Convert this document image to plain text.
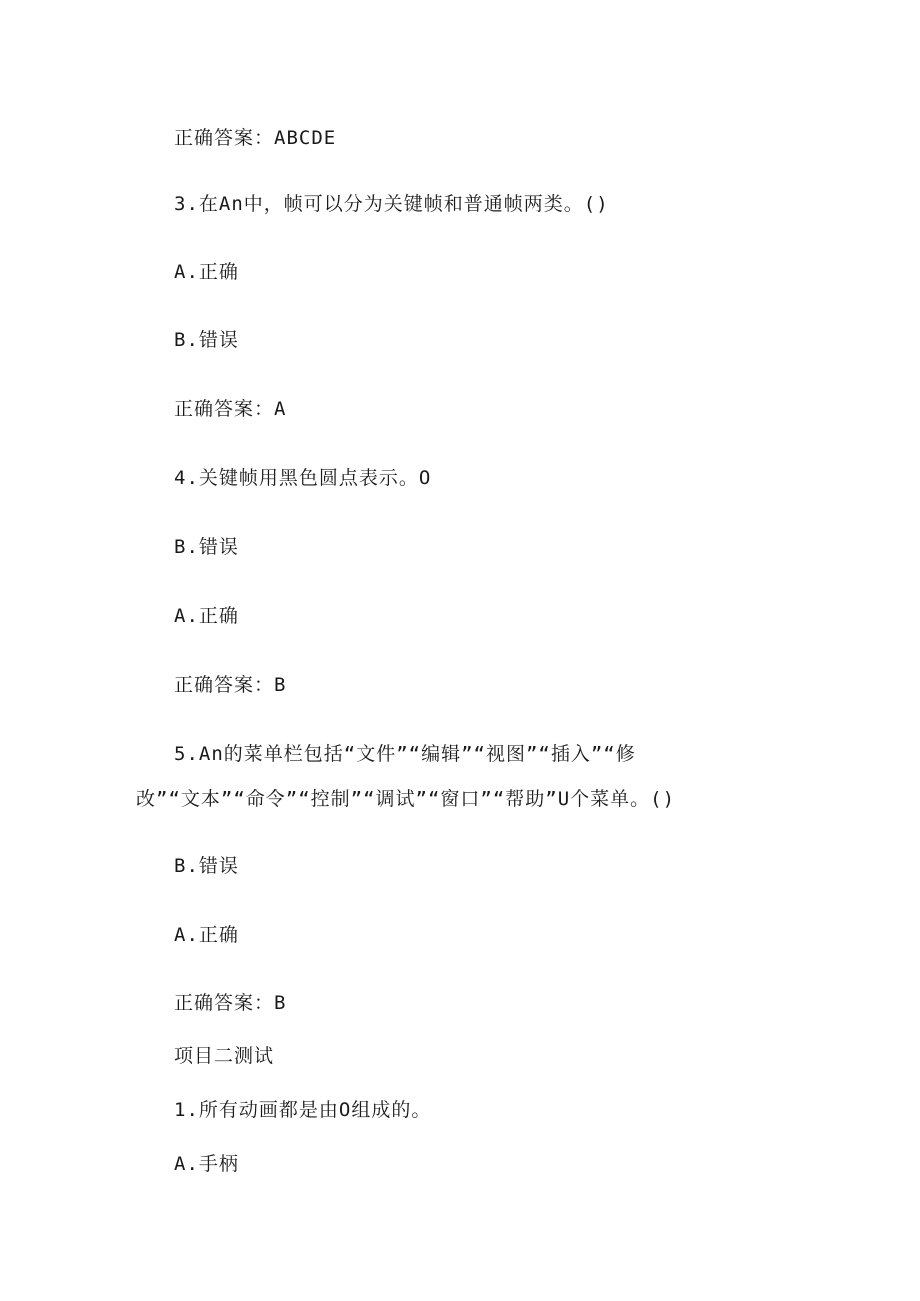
正确答案：ABCDE
3.在An中，帧可以分为关键帧和普通帧两类。()
A.正确
B.错误
正确答案：A
4.关键帧用黑色圆点表示。O
B.错误
A.正确
正确答案：B
5.An的菜单栏包括“文件”“编辑”“视图”“插入”“修
改”“文本”“命令”“控制”“调试”“窗口”“帮助”U个菜单。()
B.错误
A.正确
正确答案：B
项目二测试
1.所有动画都是由O组成的。
A.手柄
